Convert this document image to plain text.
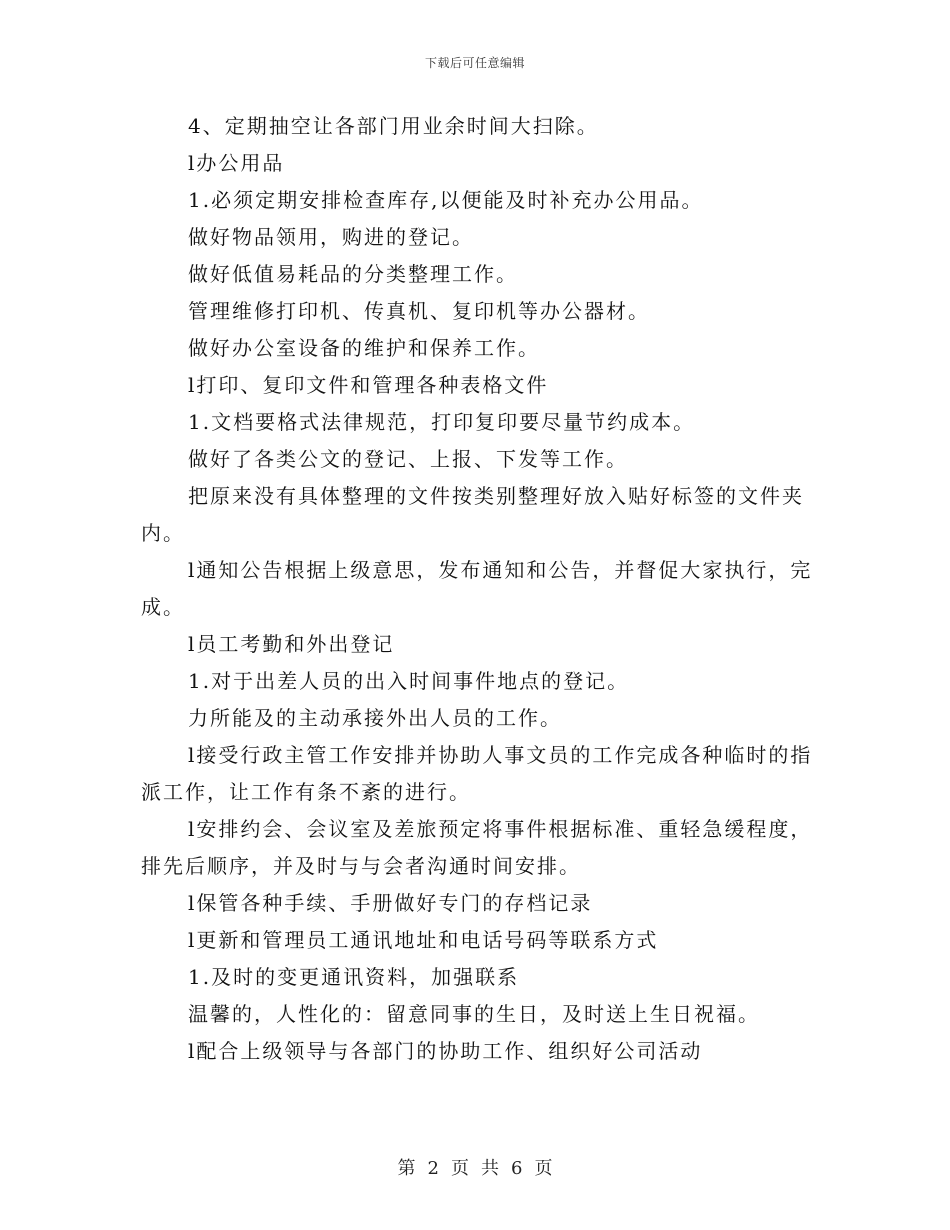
下载后可任意编辑

4、定期抽空让各部门用业余时间大扫除。

l办公用品

1.必须定期安排检查库存,以便能及时补充办公用品。

做好物品领用，购进的登记。

做好低值易耗品的分类整理工作。

管理维修打印机、传真机、复印机等办公器材。

做好办公室设备的维护和保养工作。

l打印、复印文件和管理各种表格文件

1.文档要格式法律规范，打印复印要尽量节约成本。

做好了各类公文的登记、上报、下发等工作。

把原来没有具体整理的文件按类别整理好放入贴好标签的文件夹内。

l通知公告根据上级意思，发布通知和公告，并督促大家执行，完成。

l员工考勤和外出登记

1.对于出差人员的出入时间事件地点的登记。

力所能及的主动承接外出人员的工作。

l接受行政主管工作安排并协助人事文员的工作完成各种临时的指派工作，让工作有条不紊的进行。

l安排约会、会议室及差旅预定将事件根据标准、重轻急缓程度，排先后顺序，并及时与与会者沟通时间安排。

l保管各种手续、手册做好专门的存档记录

l更新和管理员工通讯地址和电话号码等联系方式

1.及时的变更通讯资料，加强联系

温馨的，人性化的：留意同事的生日，及时送上生日祝福。

l配合上级领导与各部门的协助工作、组织好公司活动

第 2 页 共 6 页
